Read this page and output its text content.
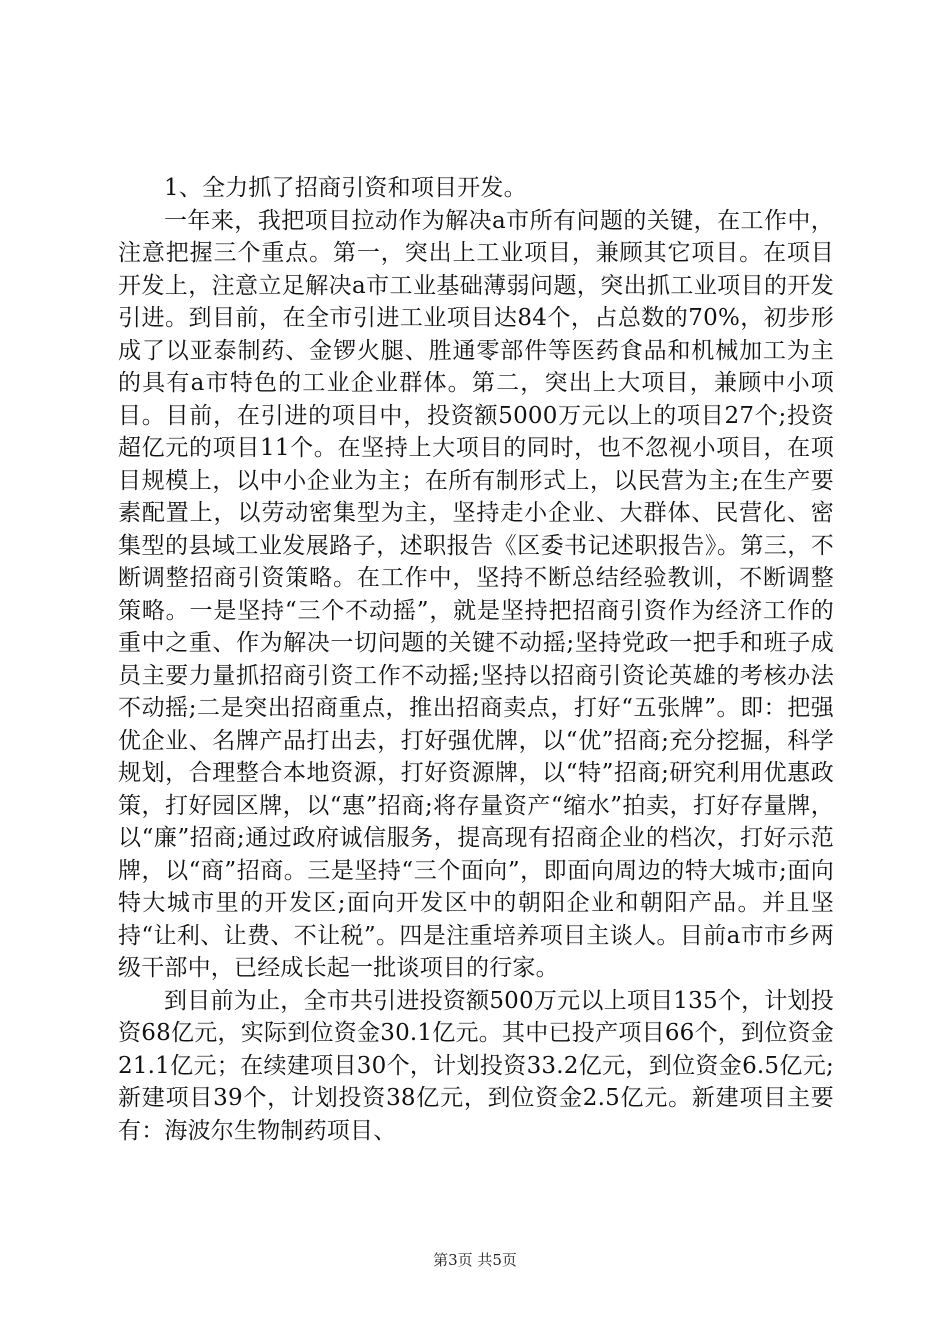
1、全力抓了招商引资和项目开发。

一年来，我把项目拉动作为解决a市所有问题的关键，在工作中，注意把握三个重点。第一，突出上工业项目，兼顾其它项目。在项目开发上，注意立足解决a市工业基础薄弱问题，突出抓工业项目的开发引进。到目前，在全市引进工业项目达84个，占总数的70%，初步形成了以亚泰制药、金锣火腿、胜通零部件等医药食品和机械加工为主的具有a市特色的工业企业群体。第二，突出上大项目，兼顾中小项目。目前，在引进的项目中，投资额5000万元以上的项目27个;投资超亿元的项目11个。在坚持上大项目的同时，也不忽视小项目，在项目规模上，以中小企业为主；在所有制形式上，以民营为主;在生产要素配置上，以劳动密集型为主，坚持走小企业、大群体、民营化、密集型的县域工业发展路子，述职报告《区委书记述职报告》。第三，不断调整招商引资策略。在工作中，坚持不断总结经验教训，不断调整策略。一是坚持“三个不动摇”，就是坚持把招商引资作为经济工作的重中之重、作为解决一切问题的关键不动摇;坚持党政一把手和班子成员主要力量抓招商引资工作不动摇;坚持以招商引资论英雄的考核办法不动摇;二是突出招商重点，推出招商卖点，打好“五张牌”。即：把强优企业、名牌产品打出去，打好强优牌，以“优”招商;充分挖掘，科学规划，合理整合本地资源，打好资源牌，以“特”招商;研究利用优惠政策，打好园区牌，以“惠”招商;将存量资产“缩水”拍卖，打好存量牌，以“廉”招商;通过政府诚信服务，提高现有招商企业的档次，打好示范牌，以“商”招商。三是坚持“三个面向”，即面向周边的特大城市;面向特大城市里的开发区;面向开发区中的朝阳企业和朝阳产品。并且坚持“让利、让费、不让税”。四是注重培养项目主谈人。目前a市市乡两级干部中，已经成长起一批谈项目的行家。

到目前为止，全市共引进投资额500万元以上项目135个，计划投资68亿元，实际到位资金30.1亿元。其中已投产项目66个，到位资金21.1亿元；在续建项目30个，计划投资33.2亿元，到位资金6.5亿元;新建项目39个，计划投资38亿元，到位资金2.5亿元。新建项目主要有：海波尔生物制药项目、

第3页 共5页
